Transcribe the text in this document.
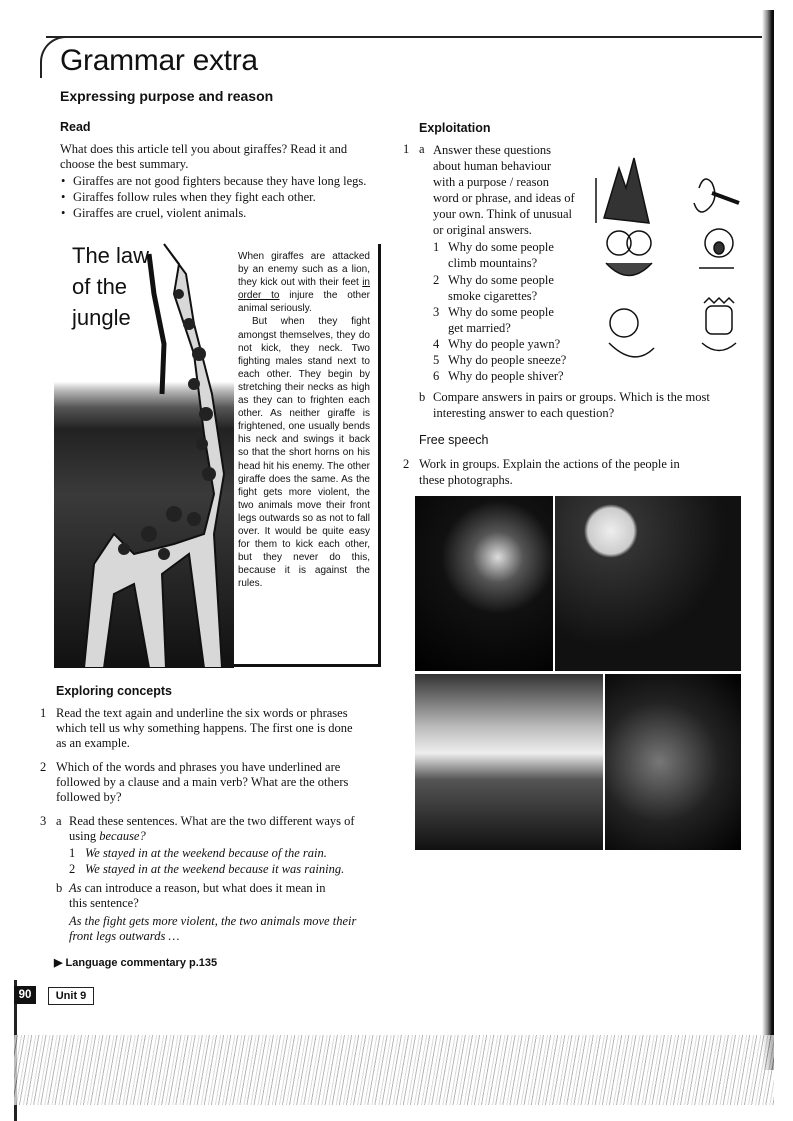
Grammar extra
Expressing purpose and reason
Read
What does this article tell you about giraffes? Read it and
choose the best summary.
• Giraffes are not good fighters because they have long legs.
• Giraffes follow rules when they fight each other.
• Giraffes are cruel, violent animals.
The law
of the
jungle

When giraffes are attacked by an enemy such as a lion, they kick out with their feet in order to injure the other animal seriously.

But when they fight amongst themselves, they do not kick, they neck. Two fighting males stand next to each other. They begin by stretching their necks as high as they can to frighten each other. As neither giraffe is frightened, one usually bends his neck and swings it back so that the short horns on his head hit his enemy. The other giraffe does the same. As the fight gets more violent, the two animals move their front legs outwards so as not to fall over. It would be quite easy for them to kick each other, but they never do this, because it is against the rules.

Exploring concepts
1 Read the text again and underline the six words or phrases
which tell us why something happens. The first one is done
as an example.
2 Which of the words and phrases you have underlined are
followed by a clause and a main verb? What are the others
followed by?
3 a Read these sentences. What are the two different ways of
using because?
1 We stayed in at the weekend because of the rain.
2 We stayed in at the weekend because it was raining.
b As can introduce a reason, but what does it mean in
this sentence?
As the fight gets more violent, the two animals move their
front legs outwards …
▶ Language commentary p.135
Exploitation
1 a Answer these questions
about human behaviour
with a purpose / reason
word or phrase, and ideas of
your own. Think of unusual
or original answers.
1 Why do some people
climb mountains?
2 Why do some people
smoke cigarettes?
3 Why do some people
get married?
4 Why do people yawn?
5 Why do people sneeze?
6 Why do people shiver?
b Compare answers in pairs or groups. Which is the most
interesting answer to each question?
Free speech
2 Work in groups. Explain the actions of the people in
these photographs.
90	Unit 9
